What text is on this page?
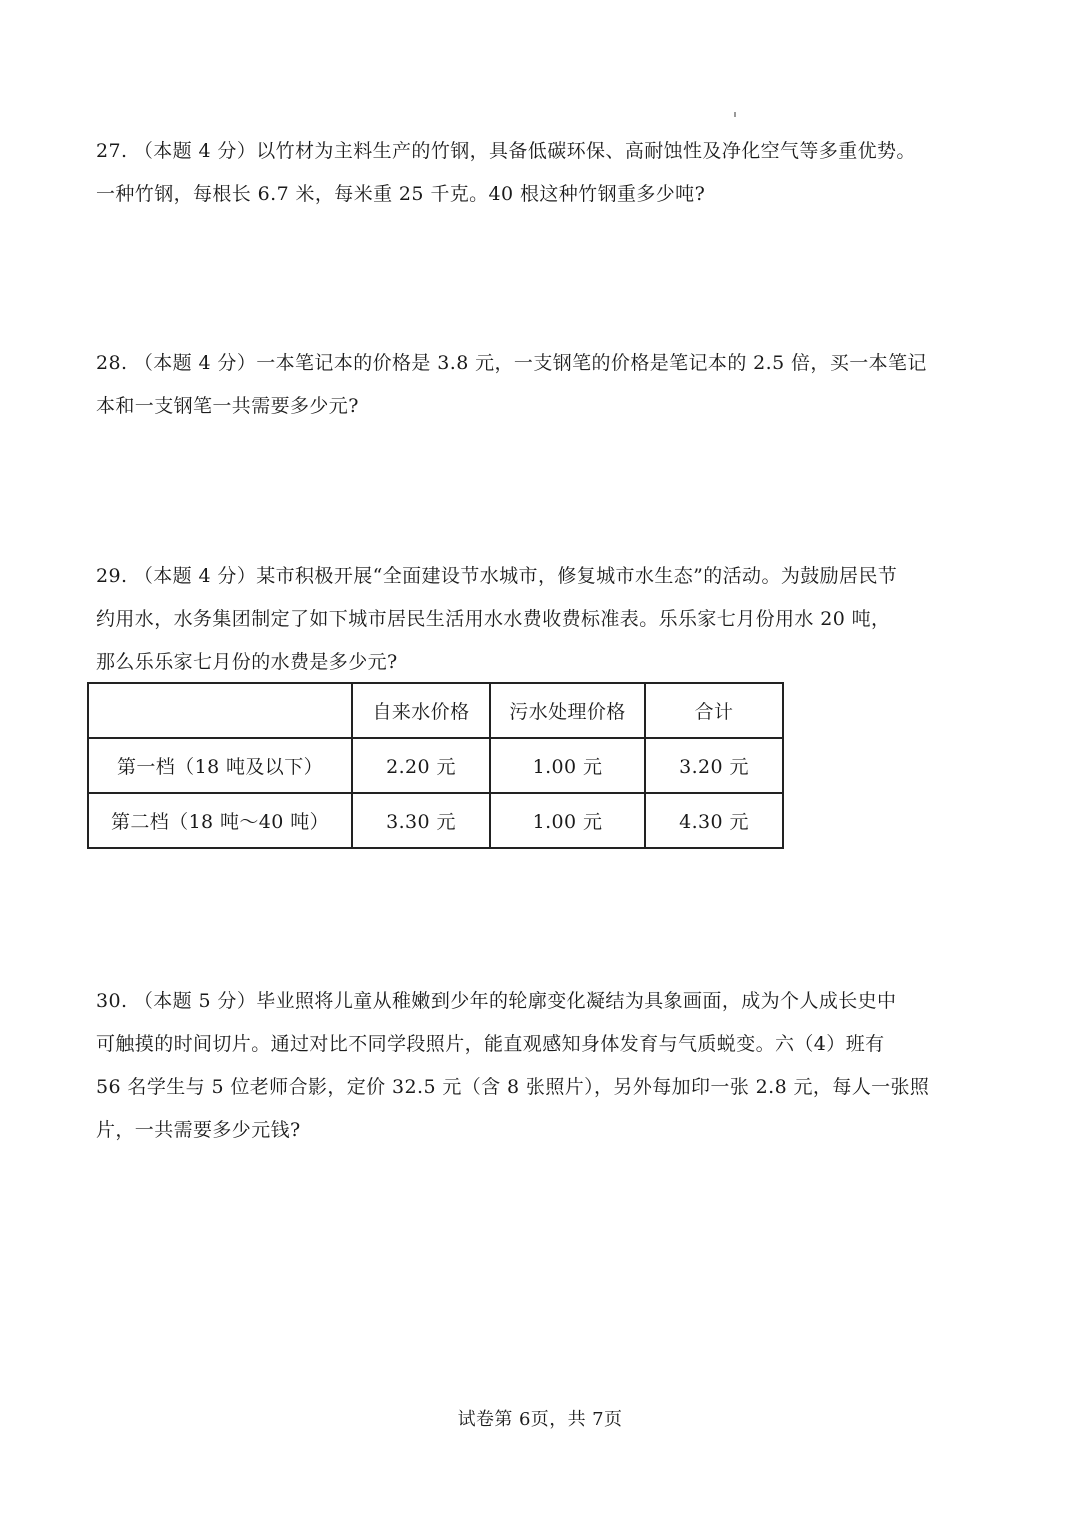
27. （本题 4 分）以竹材为主料生产的竹钢，具备低碳环保、高耐蚀性及净化空气等多重优势。

一种竹钢，每根长 6.7 米，每米重 25 千克。40 根这种竹钢重多少吨?

28. （本题 4 分）一本笔记本的价格是 3.8 元，一支钢笔的价格是笔记本的 2.5 倍，买一本笔记

本和一支钢笔一共需要多少元?

29. （本题 4 分）某市积极开展“全面建设节水城市，修复城市水生态”的活动。为鼓励居民节

约用水，水务集团制定了如下城市居民生活用水水费收费标准表。乐乐家七月份用水 20 吨，

那么乐乐家七月份的水费是多少元?

	自来水价格	污水处理价格	合计
第一档（18 吨及以下）	2.20 元	1.00 元	3.20 元
第二档（18 吨～40 吨）	3.30 元	1.00 元	4.30 元

30. （本题 5 分）毕业照将儿童从稚嫩到少年的轮廓变化凝结为具象画面，成为个人成长史中

可触摸的时间切片。通过对比不同学段照片，能直观感知身体发育与气质蜕变。六（4）班有

56 名学生与 5 位老师合影，定价 32.5 元（含 8 张照片），另外每加印一张 2.8 元，每人一张照

片，一共需要多少元钱?

试卷第 6页，共 7页
